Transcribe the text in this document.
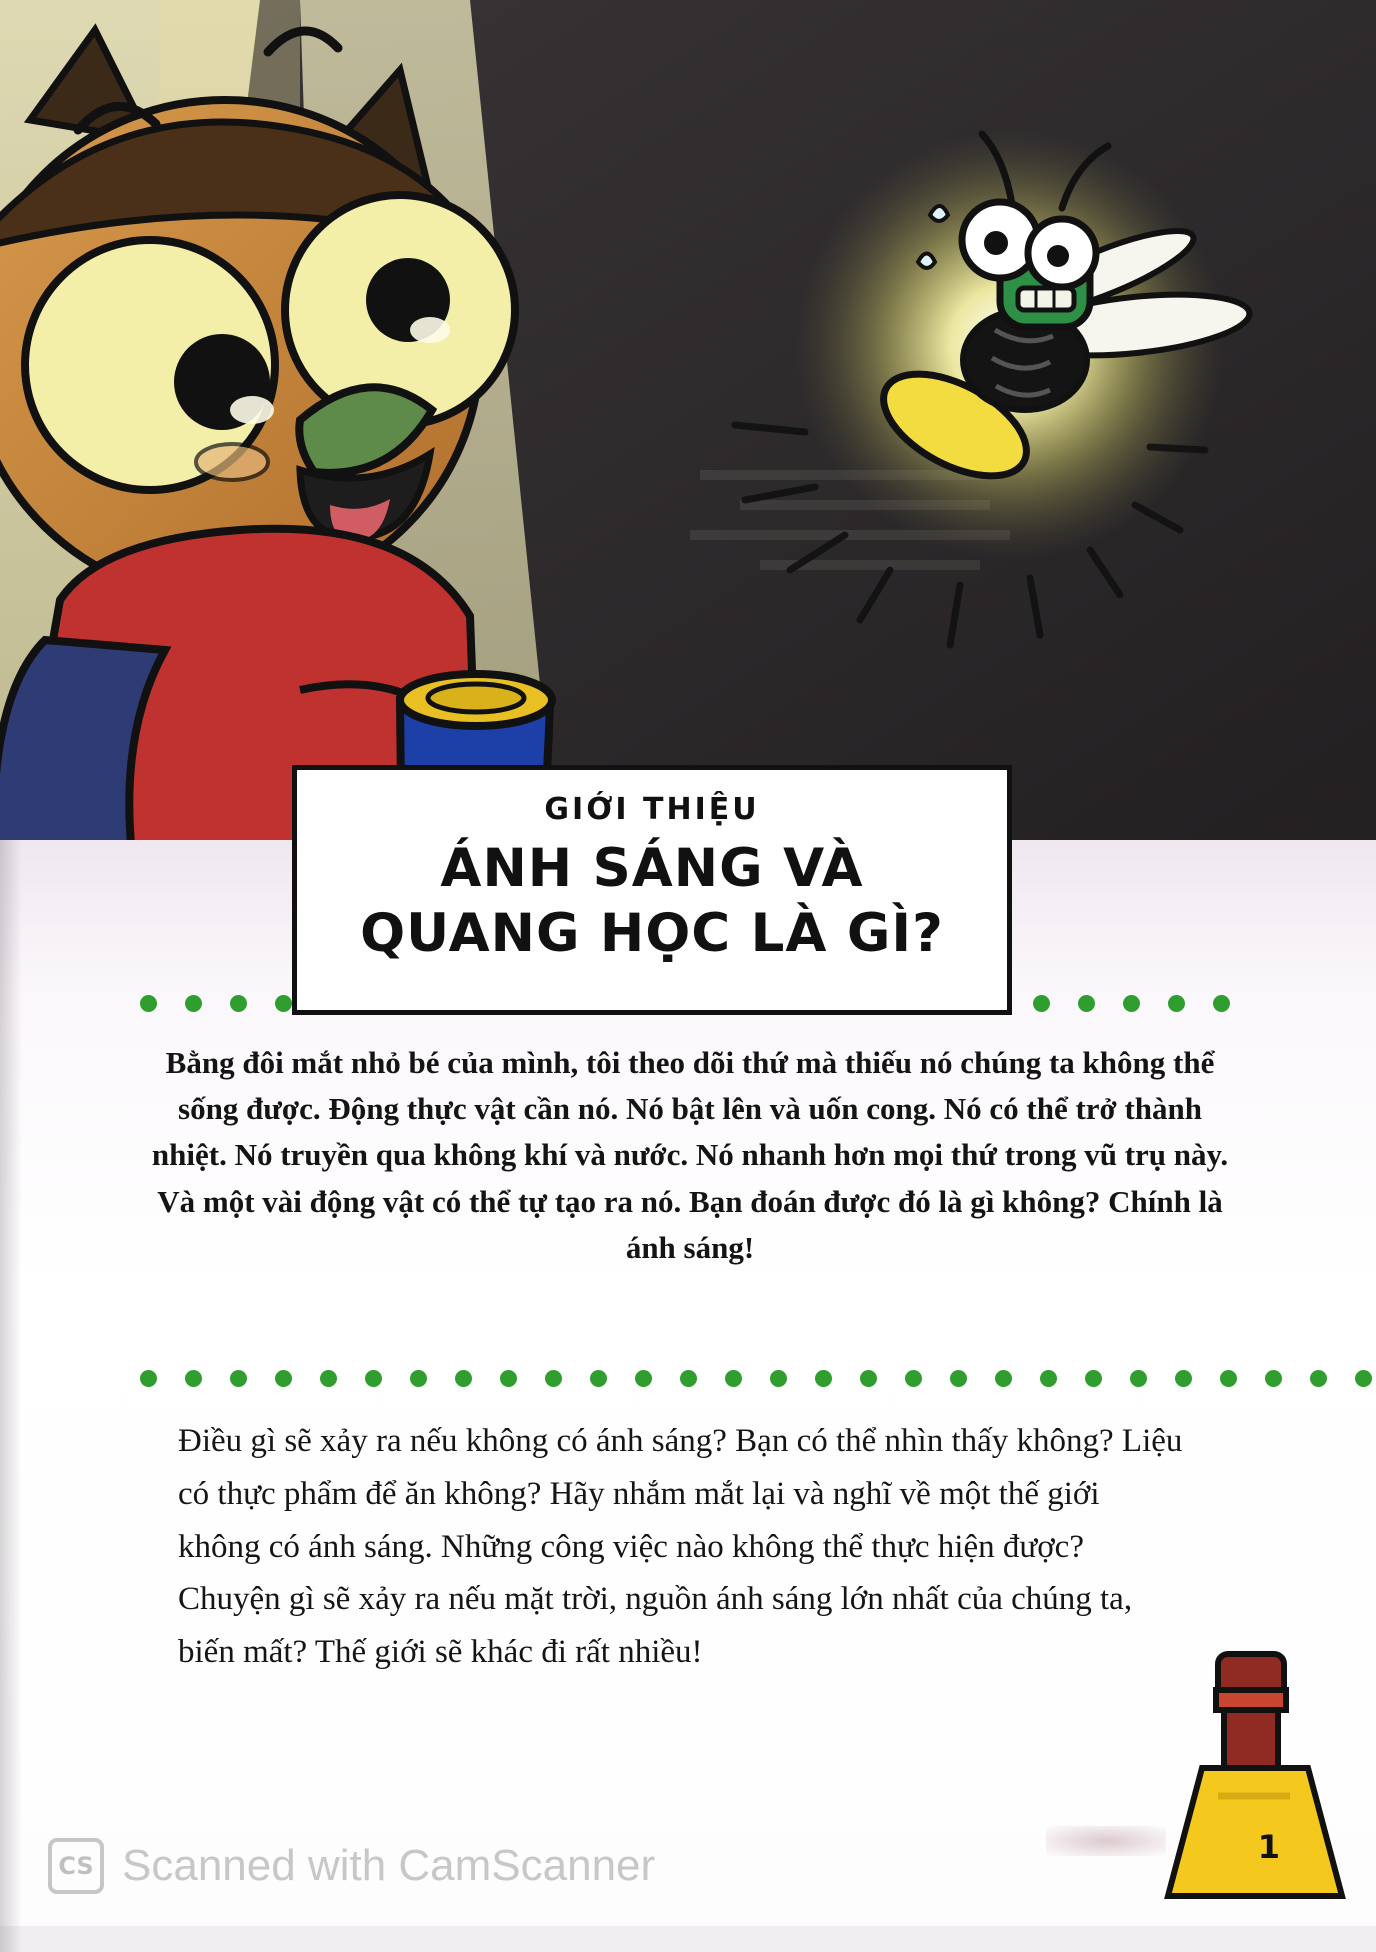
GIỚI THIỆU
ÁNH SÁNG VÀ
QUANG HỌC LÀ GÌ?
Bằng đôi mắt nhỏ bé của mình, tôi theo dõi thứ mà thiếu nó chúng ta không thể sống được. Động thực vật cần nó. Nó bật lên và uốn cong. Nó có thể trở thành nhiệt. Nó truyền qua không khí và nước. Nó nhanh hơn mọi thứ trong vũ trụ này. Và một vài động vật có thể tự tạo ra nó. Bạn đoán được đó là gì không? Chính là ánh sáng!
Điều gì sẽ xảy ra nếu không có ánh sáng? Bạn có thể nhìn thấy không? Liệu có thực phẩm để ăn không? Hãy nhắm mắt lại và nghĩ về một thế giới không có ánh sáng. Những công việc nào không thể thực hiện được? Chuyện gì sẽ xảy ra nếu mặt trời, nguồn ánh sáng lớn nhất của chúng ta, biến mất? Thế giới sẽ khác đi rất nhiều!
1
CS Scanned with CamScanner
